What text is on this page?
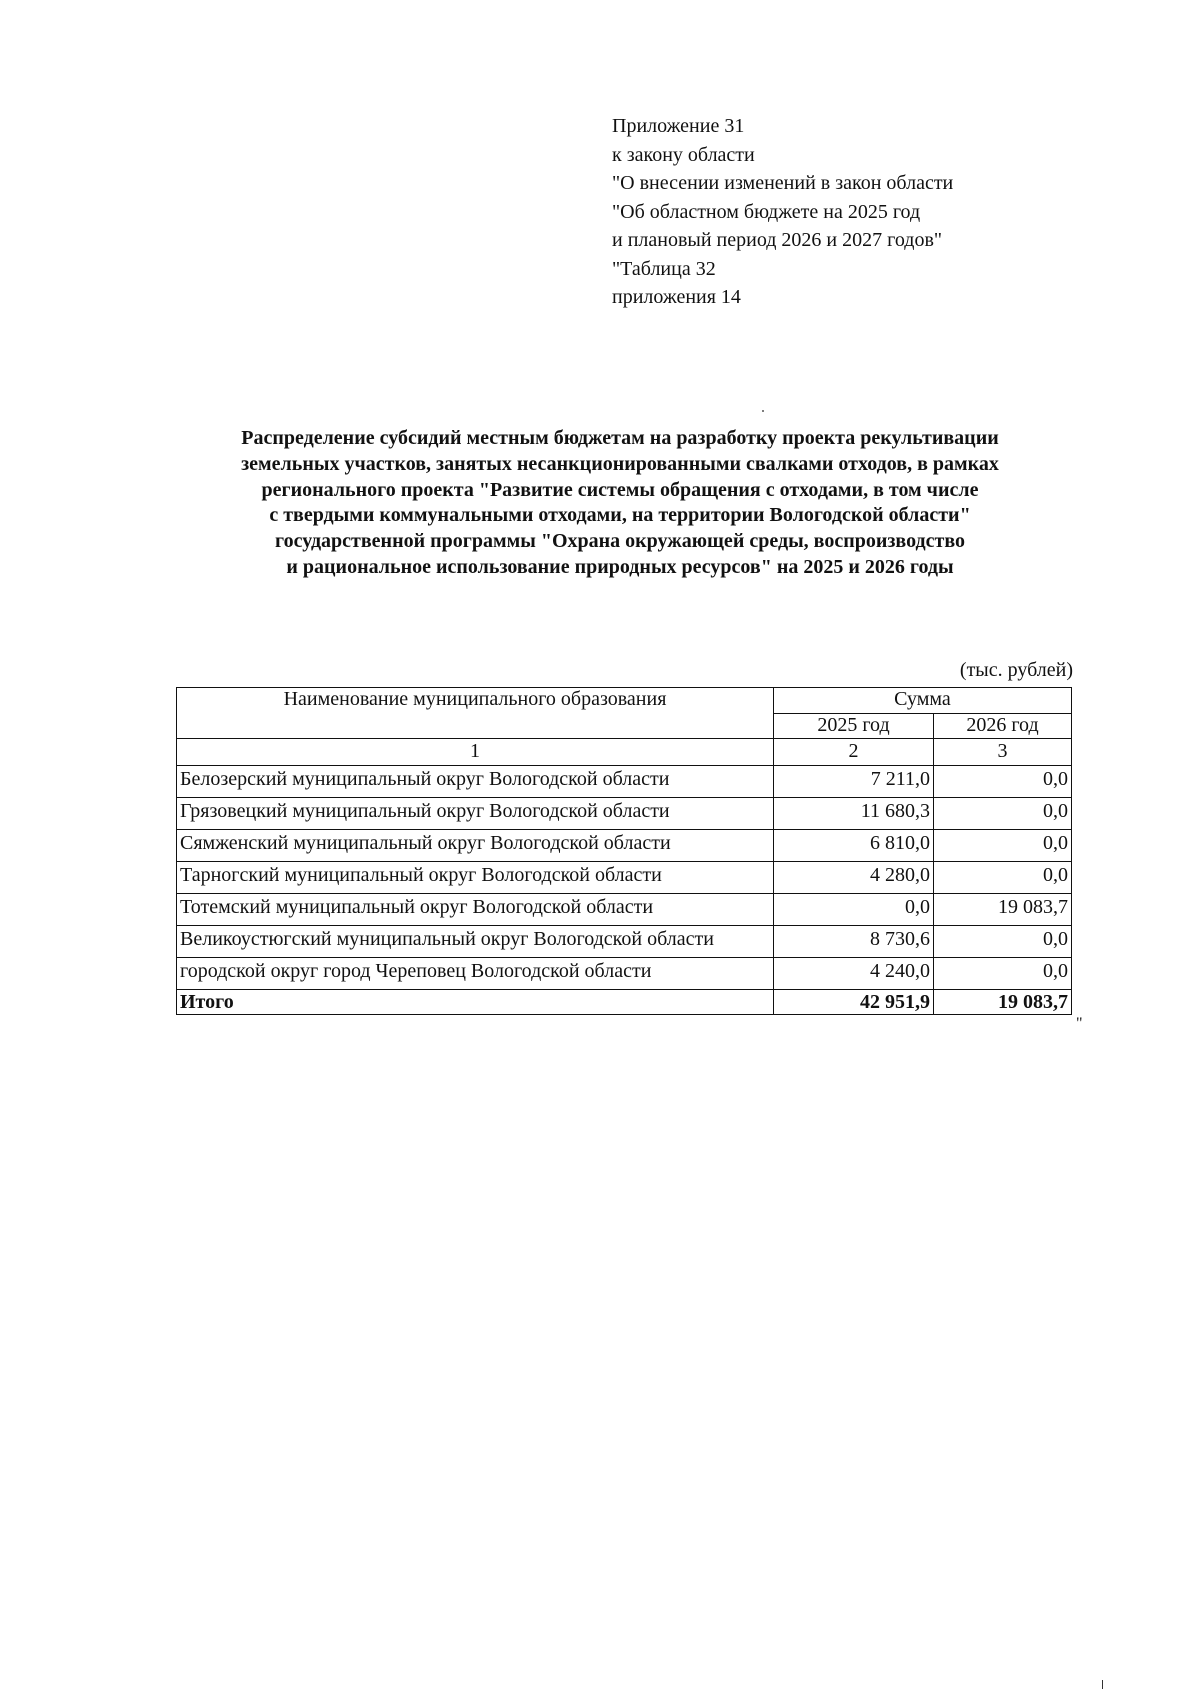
Приложение 31
к закону области
"О внесении изменений в закон области
"Об областном бюджете на 2025 год
и плановый период 2026 и 2027 годов"
"Таблица 32
приложения 14
Распределение субсидий местным бюджетам на разработку проекта рекультивации
земельных участков, занятых несанкционированными свалками отходов, в рамках
регионального проекта "Развитие системы обращения с отходами, в том числе
с твердыми коммунальными отходами, на территории Вологодской области"
государственной программы "Охрана окружающей среды, воспроизводство
и рациональное использование природных ресурсов" на 2025 и 2026 годы
(тыс. рублей)
Наименование муниципального образования	Сумма	
	2025 год	2026 год
1	2	3
Белозерский муниципальный округ Вологодской области	7 211,0	0,0
Грязовецкий муниципальный округ Вологодской области	11 680,3	0,0
Сямженский муниципальный округ Вологодской области	6 810,0	0,0
Тарногский муниципальный округ Вологодской области	4 280,0	0,0
Тотемский муниципальный округ Вологодской области	0,0	19 083,7
Великоустюгский муниципальный округ Вологодской области	8 730,6	0,0
городской округ город Череповец Вологодской области	4 240,0	0,0
Итого	42 951,9	19 083,7
"
